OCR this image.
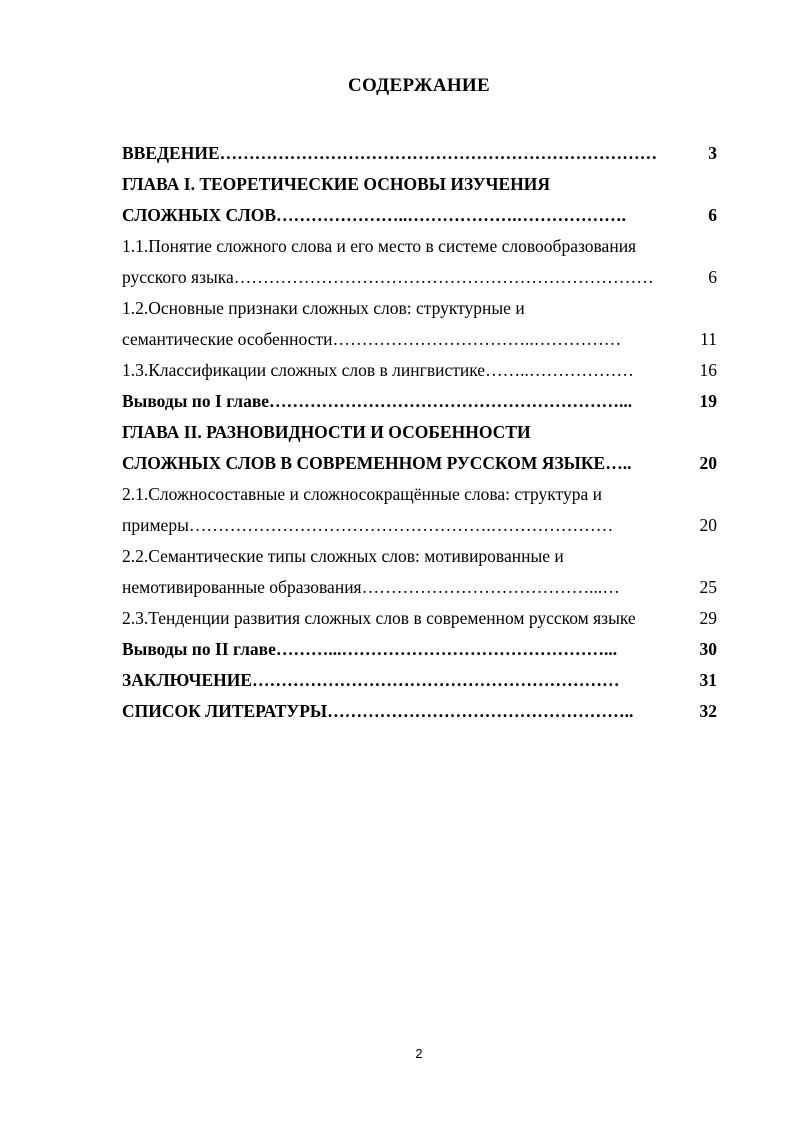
СОДЕРЖАНИЕ
ВВЕДЕНИЕ…………………………………………………………………	3
ГЛАВА I. ТЕОРЕТИЧЕСКИЕ ОСНОВЫ ИЗУЧЕНИЯ
СЛОЖНЫХ СЛОВ…………………..……………….……………….	6
1.1.Понятие сложного слова и его место в системе словообразования
русского языка………………………………………………………………	6
1.2.Основные признаки сложных слов: структурные и
семантические особенности……………………………..……………	11
1.3.Классификации сложных слов в лингвистике……..………………	16
Выводы по I главе……………………………………………………...	19
ГЛАВА II. РАЗНОВИДНОСТИ И ОСОБЕННОСТИ
СЛОЖНЫХ СЛОВ В СОВРЕМЕННОМ РУССКОМ ЯЗЫКЕ…..	20
2.1.Сложносоставные и сложносокращённые слова: структура и
примеры…………………………………………….…………………	20
2.2.Семантические типы сложных слов: мотивированные и
немотивированные образования…………………………………...…	25
2.3.Тенденции развития сложных слов в современном русском языке	29
Выводы по II главе………...………………………………………...	30
ЗАКЛЮЧЕНИЕ………………………………………………………	31
СПИСОК ЛИТЕРАТУРЫ……………………………………………..	32
2
